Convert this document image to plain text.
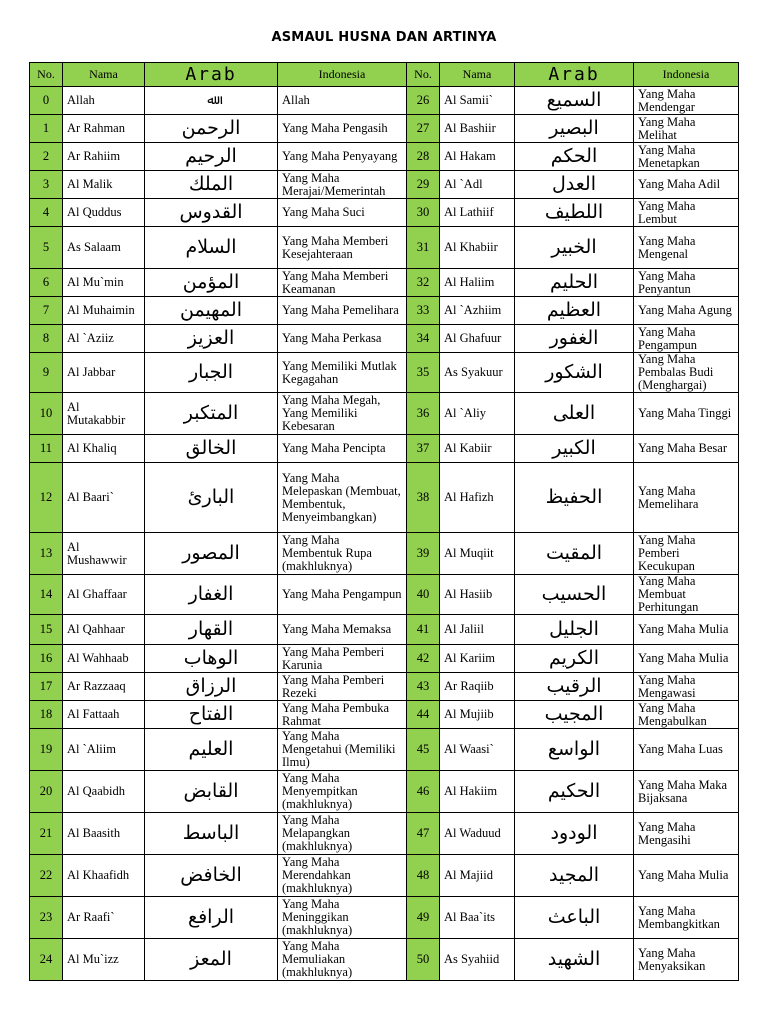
ASMAUL HUSNA DAN ARTINYA
No.	Nama	Arab	Indonesia	No.	Nama	Arab	Indonesia
0	Allah	ﷲ	Allah	26	Al Samii`	السميع	Yang Maha Mendengar
1	Ar Rahman	الرحمن	Yang Maha Pengasih	27	Al Bashiir	البصير	Yang Maha Melihat
2	Ar Rahiim	الرحيم	Yang Maha Penyayang	28	Al Hakam	الحكم	Yang Maha Menetapkan
3	Al Malik	الملك	Yang Maha Merajai/Memerintah	29	Al `Adl	العدل	Yang Maha Adil
4	Al Quddus	القدوس	Yang Maha Suci	30	Al Lathiif	اللطيف	Yang Maha Lembut
5	As Salaam	السلام	Yang Maha Memberi Kesejahteraan	31	Al Khabiir	الخبير	Yang Maha Mengenal
6	Al Mu`min	المؤمن	Yang Maha Memberi Keamanan	32	Al Haliim	الحليم	Yang Maha Penyantun
7	Al Muhaimin	المهيمن	Yang Maha Pemelihara	33	Al `Azhiim	العظيم	Yang Maha Agung
8	Al `Aziiz	العزيز	Yang Maha Perkasa	34	Al Ghafuur	الغفور	Yang Maha Pengampun
9	Al Jabbar	الجبار	Yang Memiliki Mutlak Kegagahan	35	As Syakuur	الشكور	Yang Maha Pembalas Budi (Menghargai)
10	Al Mutakabbir	المتكبر	Yang Maha Megah, Yang Memiliki Kebesaran	36	Al `Aliy	العلى	Yang Maha Tinggi
11	Al Khaliq	الخالق	Yang Maha Pencipta	37	Al Kabiir	الكبير	Yang Maha Besar
12	Al Baari`	البارئ	Yang Maha Melepaskan (Membuat, Membentuk, Menyeimbangkan)	38	Al Hafizh	الحفيظ	Yang Maha Memelihara
13	Al Mushawwir	المصور	Yang Maha Membentuk Rupa (makhluknya)	39	Al Muqiit	المقيت	Yang Maha Pemberi Kecukupan
14	Al Ghaffaar	الغفار	Yang Maha Pengampun	40	Al Hasiib	الحسيب	Yang Maha Membuat Perhitungan
15	Al Qahhaar	القهار	Yang Maha Memaksa	41	Al Jaliil	الجليل	Yang Maha Mulia
16	Al Wahhaab	الوهاب	Yang Maha Pemberi Karunia	42	Al Kariim	الكريم	Yang Maha Mulia
17	Ar Razzaaq	الرزاق	Yang Maha Pemberi Rezeki	43	Ar Raqiib	الرقيب	Yang Maha Mengawasi
18	Al Fattaah	الفتاح	Yang Maha Pembuka Rahmat	44	Al Mujiib	المجيب	Yang Maha Mengabulkan
19	Al `Aliim	العليم	Yang Maha Mengetahui (Memiliki Ilmu)	45	Al Waasi`	الواسع	Yang Maha Luas
20	Al Qaabidh	القابض	Yang Maha Menyempitkan (makhluknya)	46	Al Hakiim	الحكيم	Yang Maha Maka Bijaksana
21	Al Baasith	الباسط	Yang Maha Melapangkan (makhluknya)	47	Al Waduud	الودود	Yang Maha Mengasihi
22	Al Khaafidh	الخافض	Yang Maha Merendahkan (makhluknya)	48	Al Majiid	المجيد	Yang Maha Mulia
23	Ar Raafi`	الرافع	Yang Maha Meninggikan (makhluknya)	49	Al Baa`its	الباعث	Yang Maha Membangkitkan
24	Al Mu`izz	المعز	Yang Maha Memuliakan (makhluknya)	50	As Syahiid	الشهيد	Yang Maha Menyaksikan
